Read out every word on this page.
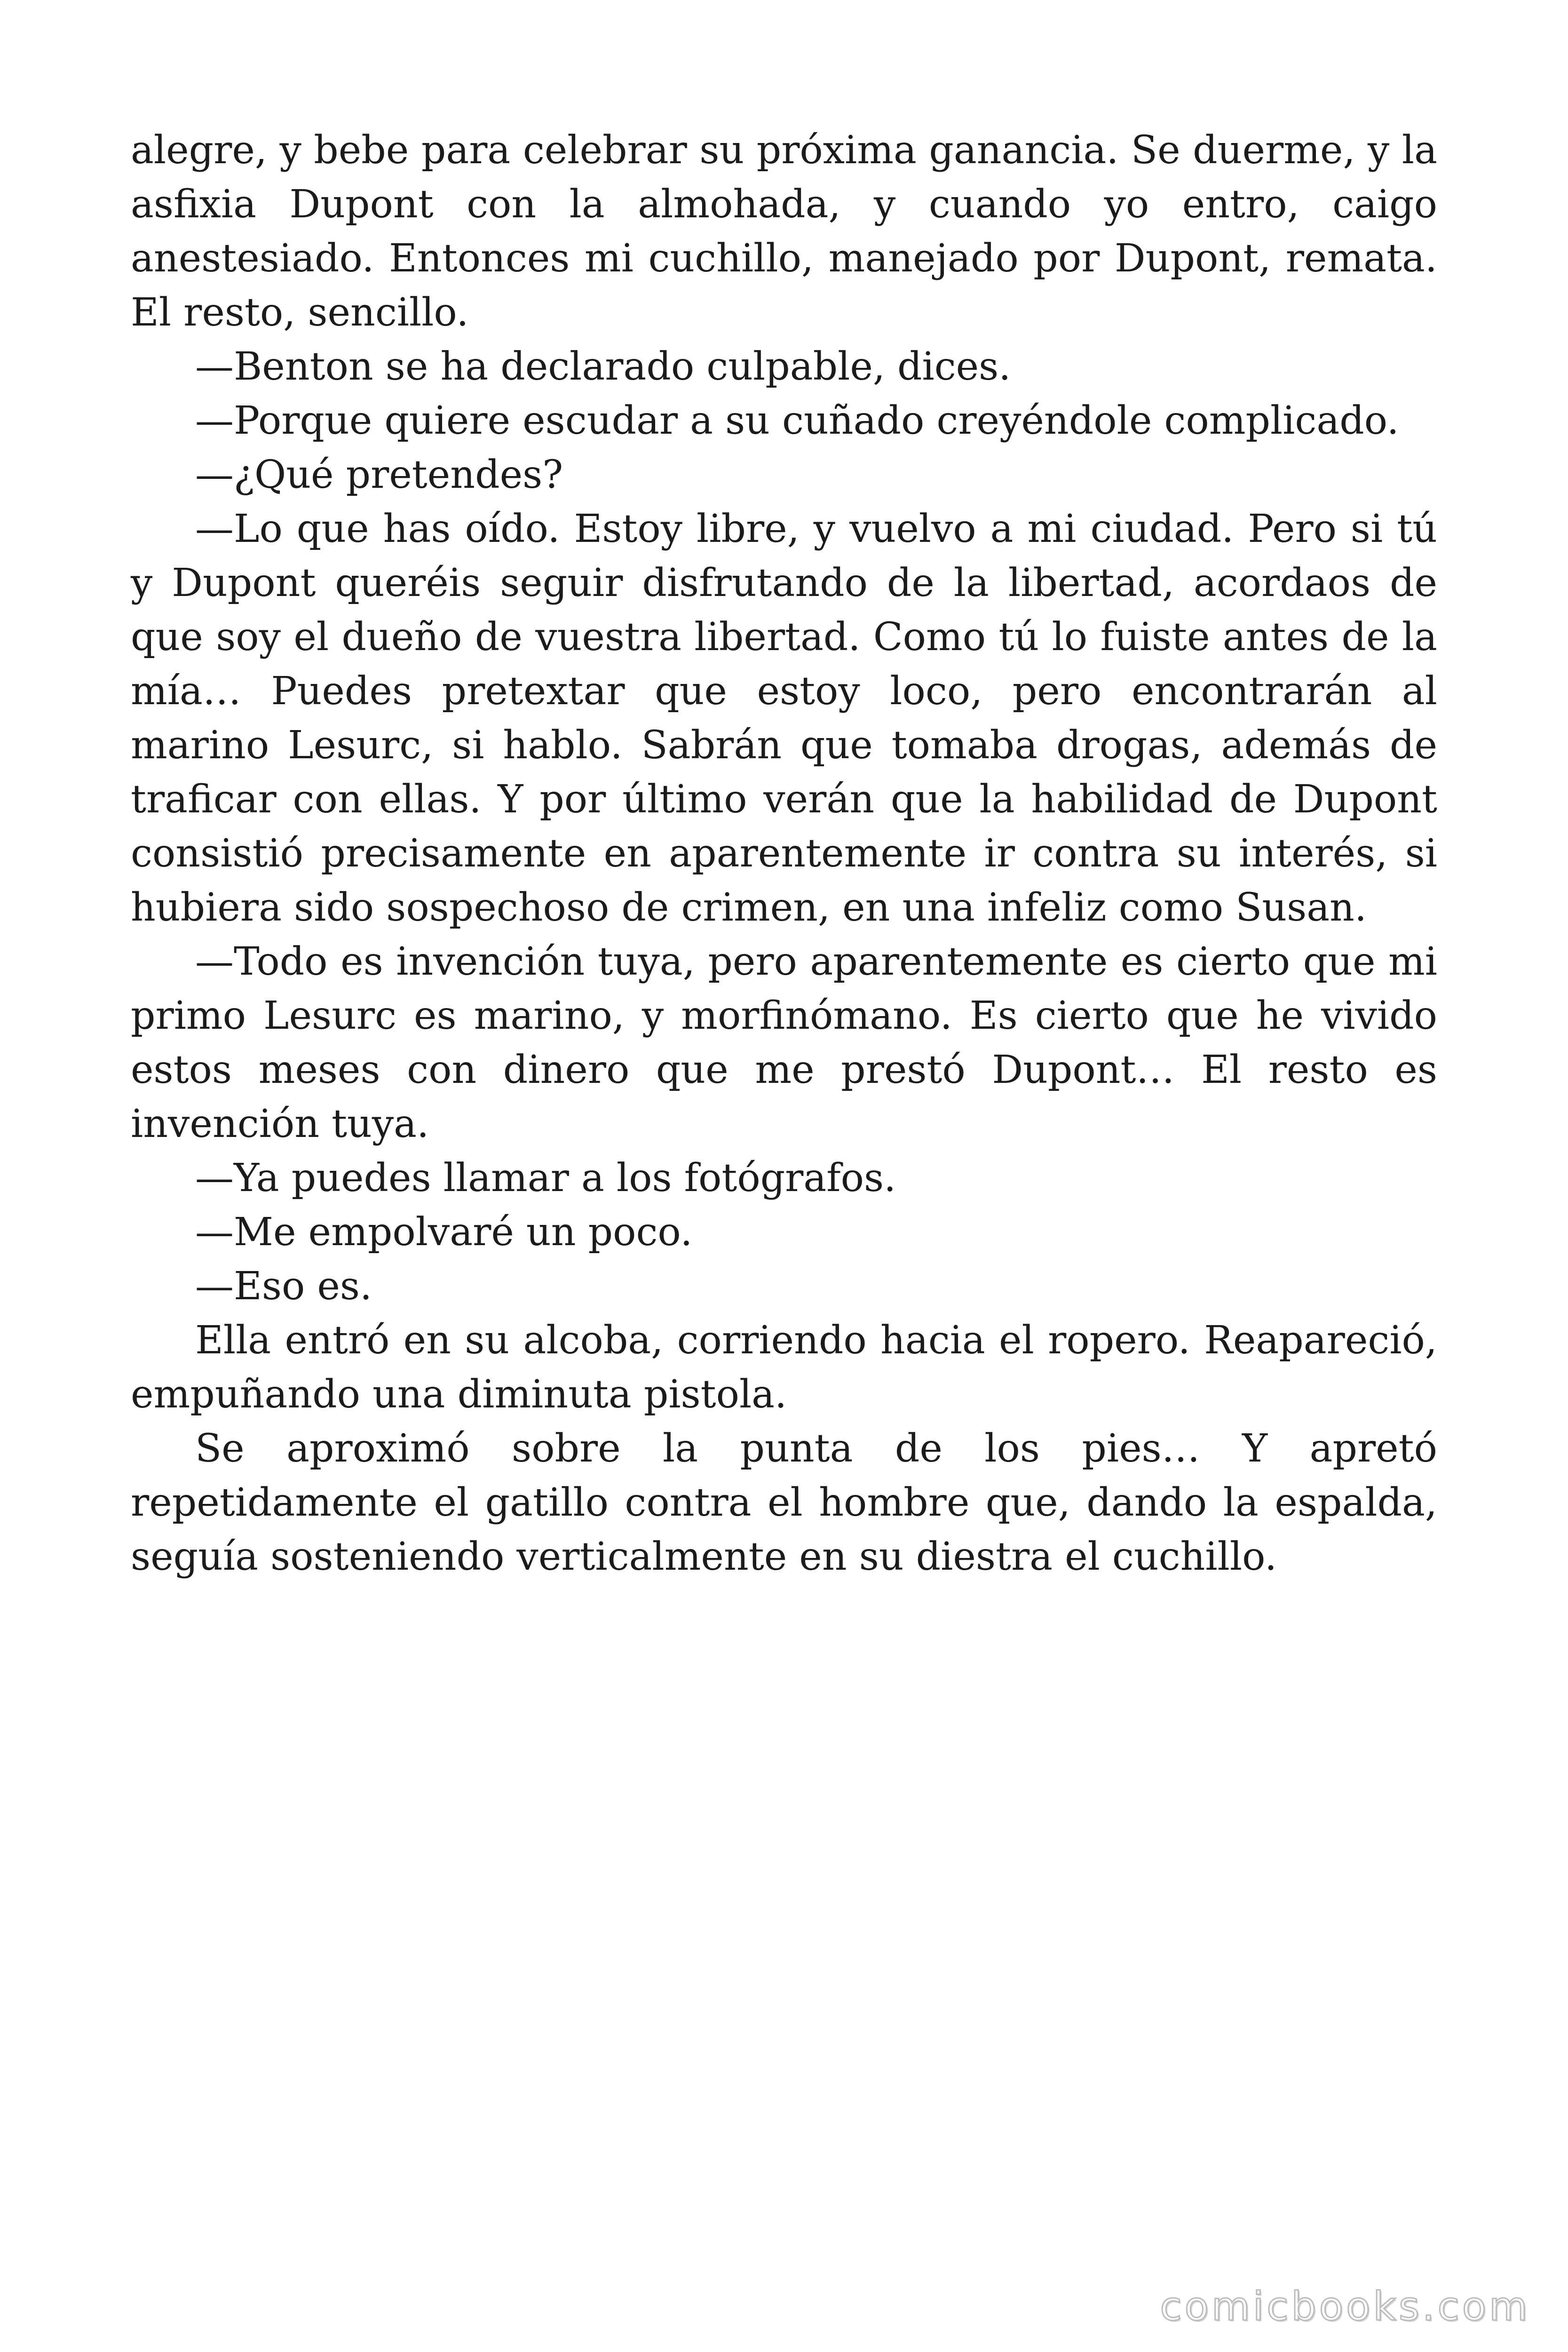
alegre, y bebe para celebrar su próxima ganancia. Se duerme, y la asfixia Dupont con la almohada, y cuando yo entro, caigo anestesiado. Entonces mi cuchillo, manejado por Dupont, remata. El resto, sencillo.

—Benton se ha declarado culpable, dices.

—Porque quiere escudar a su cuñado creyéndole complicado.

—¿Qué pretendes?

—Lo que has oído. Estoy libre, y vuelvo a mi ciudad. Pero si tú y Dupont queréis seguir disfrutando de la libertad, acordaos de que soy el dueño de vuestra libertad. Como tú lo fuiste antes de la mía… Puedes pretextar que estoy loco, pero encontrarán al marino Lesurc, si hablo. Sabrán que tomaba drogas, además de traficar con ellas. Y por último verán que la habilidad de Dupont consistió precisamente en aparentemente ir contra su interés, si hubiera sido sospechoso de crimen, en una infeliz como Susan.

—Todo es invención tuya, pero aparentemente es cierto que mi primo Lesurc es marino, y morfinómano. Es cierto que he vivido estos meses con dinero que me prestó Dupont… El resto es invención tuya.

—Ya puedes llamar a los fotógrafos.

—Me empolvaré un poco.

—Eso es.

Ella entró en su alcoba, corriendo hacia el ropero. Reapareció, empuñando una diminuta pistola.

Se aproximó sobre la punta de los pies… Y apretó repetidamente el gatillo contra el hombre que, dando la espalda, seguía sosteniendo verticalmente en su diestra el cuchillo.

comicbooks.com
